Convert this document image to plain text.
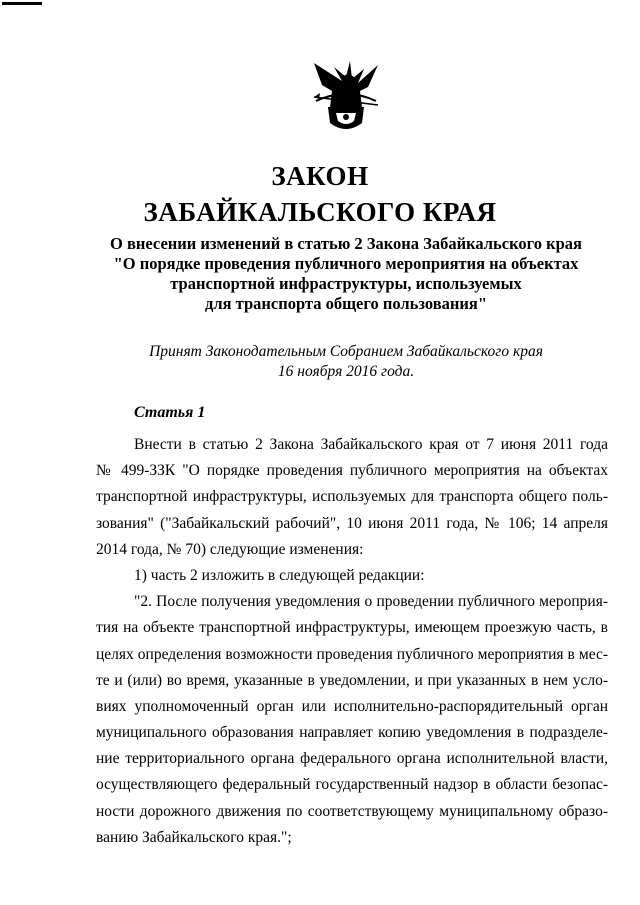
ЗАКОН
ЗАБАЙКАЛЬСКОГО КРАЯ
О внесении изменений в статью 2 Закона Забайкальского края
"О порядке проведения публичного мероприятия на объектах
транспортной инфраструктуры, используемых
для транспорта общего пользования"
Принят Законодательным Собранием Забайкальского края
16 ноября 2016 года.
Статья 1
Внести в статью 2 Закона Забайкальского края от 7 июня 2011 года
№ 499-ЗЗК "О порядке проведения публичного мероприятия на объектах
транспортной инфраструктуры, используемых для транспорта общего поль-
зования" ("Забайкальский рабочий", 10 июня 2011 года, № 106; 14 апреля
2014 года, № 70) следующие изменения:
1) часть 2 изложить в следующей редакции:
"2. После получения уведомления о проведении публичного мероприя-
тия на объекте транспортной инфраструктуры, имеющем проезжую часть, в
целях определения возможности проведения публичного мероприятия в мес-
те и (или) во время, указанные в уведомлении, и при указанных в нем усло-
виях уполномоченный орган или исполнительно-распорядительный орган
муниципального образования направляет копию уведомления в подразделе-
ние территориального органа федерального органа исполнительной власти,
осуществляющего федеральный государственный надзор в области безопас-
ности дорожного движения по соответствующему муниципальному образо-
ванию Забайкальского края.";
